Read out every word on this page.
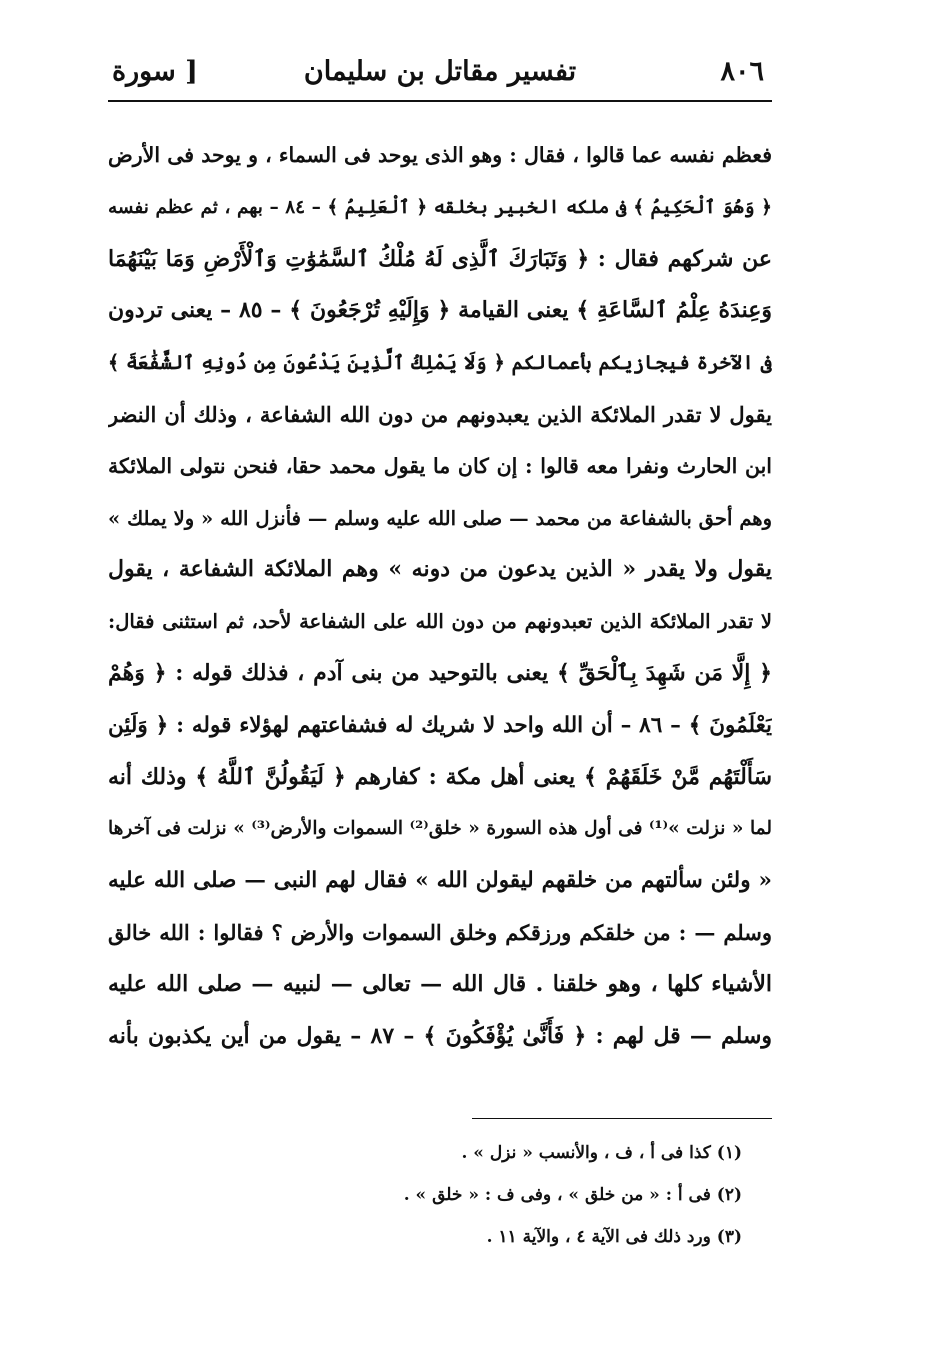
٨٠٦
تفسير مقاتل بن سليمان
[ سورة
فعظم نفسه عما قالوا ، فقال : وهو الذى يوحد فى السماء ، و يوحد فى الأرض
﴿ وَهُوَ ٱلْحَكِيمُ ﴾ فى ملكه الخبير بخلقه ﴿ ٱلْعَلِيمُ ﴾ – ٨٤ – بهم ، ثم عظم نفسه
عن شركهم فقال : ﴿ وَتَبَارَكَ ٱلَّذِى لَهُ مُلْكُ ٱلسَّمَٰوَٰتِ وَٱلْأَرْضِ وَمَا بَيْنَهُمَا
وَعِندَهُ عِلْمُ ٱلسَّاعَةِ ﴾ يعنى القيامة ﴿ وَإِلَيْهِ تُرْجَعُونَ ﴾ – ٨٥ – يعنى تردون
فى الآخرة فيجازيكم بأعمالكم ﴿ وَلَا يَمْلِكُ ٱلَّذِينَ يَدْعُونَ مِن دُونِهِ ٱلشَّفَٰعَةَ ﴾
يقول لا تقدر الملائكة الذين يعبدونهم من دون الله الشفاعة ، وذلك أن النضر
ابن الحارث ونفرا معه قالوا : إن كان ما يقول محمد حقا، فنحن نتولى الملائكة
وهم أحق بالشفاعة من محمد — صلى الله عليه وسلم — فأنزل الله « ولا يملك »
يقول ولا يقدر « الذين يدعون من دونه » وهم الملائكة الشفاعة ، يقول
لا تقدر الملائكة الذين تعبدونهم من دون الله على الشفاعة لأحد، ثم استثنى فقال:
﴿ إِلَّا مَن شَهِدَ بِٱلْحَقِّ ﴾ يعنى بالتوحيد من بنى آدم ، فذلك قوله : ﴿ وَهُمْ
يَعْلَمُونَ ﴾ – ٨٦ – أن الله واحد لا شريك له فشفاعتهم لهؤلاء قوله : ﴿ وَلَئِن
سَأَلْتَهُم مَّنْ خَلَقَهُمْ ﴾ يعنى أهل مكة : كفارهم ﴿ لَيَقُولُنَّ ٱللَّهُ ﴾ وذلك أنه
لما « نزلت »⁽¹⁾ فى أول هذه السورة « خلق⁽²⁾ السموات والأرض⁽³⁾ » نزلت فى آخرها
« ولئن سألتهم من خلقهم ليقولن الله » فقال لهم النبى — صلى الله عليه
وسلم — : من خلقكم ورزقكم وخلق السموات والأرض ؟ فقالوا : الله خالق
الأشياء كلها ، وهو خلقنا . قال الله — تعالى — لنبيه — صلى الله عليه
وسلم — قل لهم : ﴿ فَأَنَّىٰ يُؤْفَكُونَ ﴾ – ٨٧ – يقول من أين يكذبون بأنه
(١) كذا فى أ ، ف ، والأنسب « نزل » .
(٢) فى أ : « من خلق » ، وفى ف : « خلق » .
(٣) ورد ذلك فى الآية ٤ ، والآية ١١ .
